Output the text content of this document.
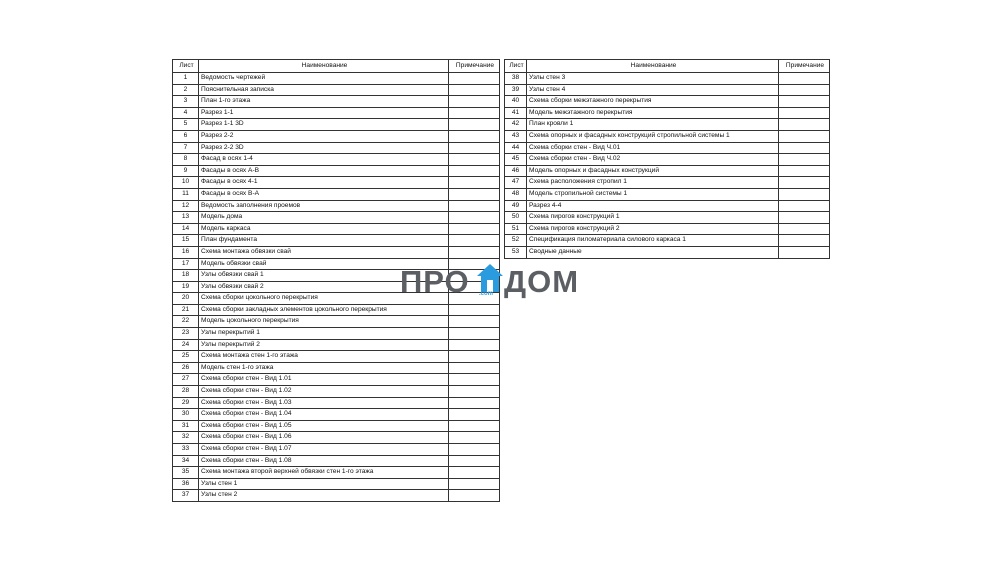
Лист	Наименование	Примечание
1	Ведомость чертежей	
2	Пояснительная записка	
3	План 1-го этажа	
4	Разрез 1-1	
5	Разрез 1-1 3D	
6	Разрез 2-2	
7	Разрез 2-2 3D	
8	Фасад в осях 1-4	
9	Фасады в осях А-В	
10	Фасады в осях 4-1	
11	Фасады в осях В-А	
12	Ведомость заполнения проемов	
13	Модель дома	
14	Модель каркаса	
15	План фундамента	
16	Схема монтажа обвязки свай	
17	Модель обвязки свай	
18	Узлы обвязки свай 1	
19	Узлы обвязки свай 2	
20	Схема сборки цокольного перекрытия	
21	Схема сборки закладных элементов цокольного перекрытия	
22	Модель цокольного перекрытия	
23	Узлы перекрытий 1	
24	Узлы перекрытий 2	
25	Схема монтажа стен 1-го этажа	
26	Модель стен 1-го этажа	
27	Схема сборки стен - Вид 1.01	
28	Схема сборки стен - Вид 1.02	
29	Схема сборки стен - Вид 1.03	
30	Схема сборки стен - Вид 1.04	
31	Схема сборки стен - Вид 1.05	
32	Схема сборки стен - Вид 1.06	
33	Схема сборки стен - Вид 1.07	
34	Схема сборки стен - Вид 1.08	
35	Схема монтажа второй верхней обвязки стен 1-го этажа	
36	Узлы стен 1	
37	Узлы стен 2	
Лист	Наименование	Примечание
38	Узлы стен 3	
39	Узлы стен 4	
40	Схема сборки межэтажного перекрытия	
41	Модель межэтажного перекрытия	
42	План кровли 1	
43	Схема опорных и фасадных конструкций стропильной системы 1	
44	Схема сборки стен - Вид Ч.01	
45	Схема сборки стен - Вид Ч.02	
46	Модель опорных и фасадных конструкций	
47	Схема расположения стропил 1	
48	Модель стропильной системы 1	
49	Разрез 4-4	
50	Схема пирогов конструкций 1	
51	Схема пирогов конструкций 2	
52	Спецификация пиломатериала силового каркаса 1	
53	Сводные данные	
ПРО ДОМ
.com
